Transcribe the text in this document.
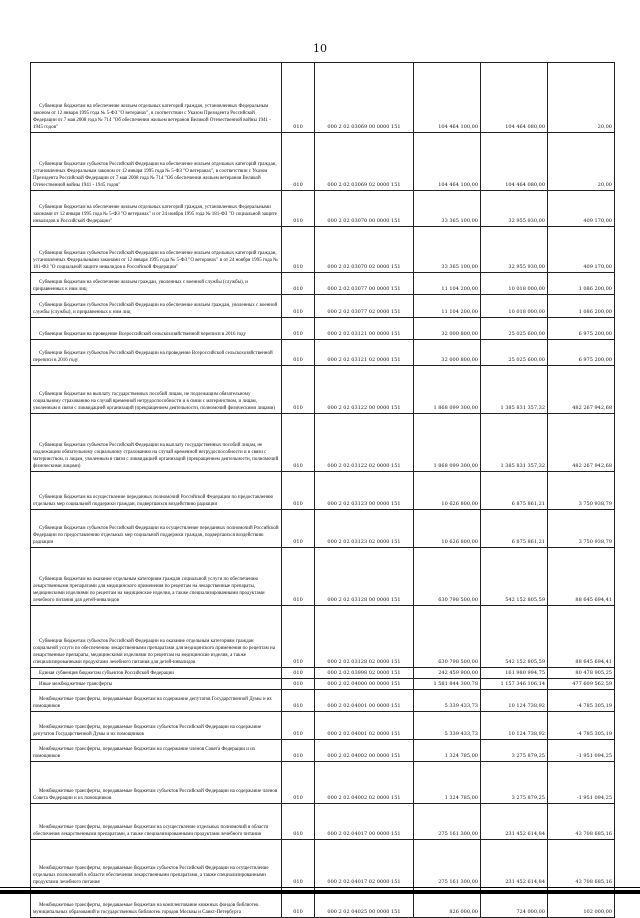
10
Субвенции бюджетам на обеспечение жильем отдельных категорий граждан, установленных Федеральным законом от 12 января 1995 года № 5-ФЗ "О ветеранах", в соответствии с Указом Президента Российской Федерации от 7 мая 2008 года № 714 "Об обеспечении жильем ветеранов Великой Отечественной войны 1941 - 1945 годов"	010	000 2 02 03069 00 0000 151	104 464 100,00	104 464 080,00	20,00
Субвенции бюджетам субъектов Российской Федерации на обеспечение жильем отдельных категорий граждан, установленных Федеральным законом от 12 января 1995 года № 5-ФЗ "О ветеранах", в соответствии с Указом Президента Российской Федерации от 7 мая 2008 года № 714 "Об обеспечении жильем ветеранов Великой Отечественной войны 1941 - 1945 годов"	010	000 2 02 03069 02 0000 151	104 464 100,00	104 464 080,00	20,00
Субвенции бюджетам на обеспечение жильем отдельных категорий граждан, установленных Федеральными законами от 12 января 1995 года № 5-ФЗ "О ветеранах" и от 24 ноября 1995 года № 181-ФЗ "О социальной защите инвалидов в Российской Федерации"	010	000 2 02 03070 00 0000 151	33 365 100,00	32 955 930,00	409 170,00
Субвенции бюджетам субъектов Российской Федерации на обеспечение жильем отдельных категорий граждан, установленных Федеральными законами от 12 января 1995 года № 5-ФЗ "О ветеранах" и от 24 ноября 1995 года № 181-ФЗ "О социальной защите инвалидов в Российской Федерации"	010	000 2 02 03070 02 0000 151	33 365 100,00	32 955 930,00	409 170,00
Субвенции бюджетам на обеспечение жильем граждан, уволенных с военной службы (службы), и приравненных к ним лиц	010	000 2 02 03077 00 0000 151	11 104 200,00	10 018 000,00	1 086 200,00
Субвенции бюджетам субъектов Российской Федерации на обеспечение жильем граждан, уволенных с военной службы (службы), и приравненных к ним лиц	010	000 2 02 03077 02 0000 151	11 104 200,00	10 018 000,00	1 086 200,00
Субвенции бюджетам на проведение Всероссийской сельскохозяйственной переписи в 2016 году	010	000 2 02 03121 00 0000 151	32 000 800,00	25 025 600,00	6 975 200,00
Субвенции бюджетам субъектов Российской Федерации на проведение Всероссийской сельскохозяйственной переписи в 2016 году	010	000 2 02 03121 02 0000 151	32 000 800,00	25 025 600,00	6 975 200,00
Субвенции бюджетам на выплату государственных пособий лицам, не подлежащим обязательному социальному страхованию на случай временной нетрудоспособности и в связи с материнством, и лицам, уволенным в связи с ликвидацией организаций (прекращением деятельности, полномочий физическими лицами)	010	000 2 02 03122 00 0000 151	1 868 099 300,00	1 385 831 357,32	482 267 942,68
Субвенции бюджетам субъектов Российской Федерации на выплату государственных пособий лицам, не подлежащим обязательному социальному страхованию на случай временной нетрудоспособности и в связи с материнством, и лицам, уволенным в связи с ликвидацией организаций (прекращением деятельности, полномочий физическими лицами)	010	000 2 02 03122 02 0000 151	1 868 099 300,00	1 385 831 357,32	482 267 942,68
Субвенции бюджетам на осуществление переданных полномочий Российской Федерации по предоставлению отдельных мер социальной поддержки граждан, подвергшихся воздействию радиации	010	000 2 02 03123 00 0000 151	10 626 800,00	6 875 861,21	3 750 938,79
Субвенции бюджетам субъектов Российской Федерации на осуществление переданных полномочий Российской Федерации по предоставлению отдельных мер социальной поддержки граждан, подвергшихся воздействию радиации	010	000 2 02 03123 02 0000 151	10 626 800,00	6 875 861,21	3 750 938,79
Субвенции бюджетам на оказание отдельным категориям граждан социальной услуги по обеспечению лекарственными препаратами для медицинского применения по рецептам на лекарственные препараты, медицинскими изделиями по рецептам на медицинские изделия, а также специализированными продуктами лечебного питания для детей-инвалидов	010	000 2 02 03128 00 0000 151	630 798 500,00	542 152 805,59	88 645 694,41
Субвенции бюджетам субъектов Российской Федерации на оказание отдельным категориям граждан социальной услуги по обеспечению лекарственными препаратами для медицинского применения по рецептам на лекарственные препараты, медицинскими изделиями по рецептам на медицинские изделия, а также специализированными продуктами лечебного питания для детей-инвалидов	010	000 2 02 03128 02 0000 151	630 798 500,00	542 152 805,59	88 645 694,41
Единая субвенция бюджетам субъектов Российской Федерации	010	000 2 02 03998 02 0000 151	242 459 900,00	161 980 994,75	80 478 905,25
Иные межбюджетные трансферты	010	000 2 02 04000 00 0000 151	1 581 844 300,78	1 157 346 106,14	477 609 562,59
Межбюджетные трансферты, передаваемые бюджетам на содержание депутатов Государственной Думы и их помощников	010	000 2 02 04001 00 0000 151	5 339 433,73	10 124 738,92	-4 785 305,19
Межбюджетные трансферты, передаваемые бюджетам субъектов Российской Федерации на содержание депутатов Государственной Думы и их помощников	010	000 2 02 04001 02 0000 151	5 339 433,73	10 124 738,92	-4 785 305,19
Межбюджетные трансферты, передаваемые бюджетам на содержание членов Совета Федерации и их помощников	010	000 2 02 04002 00 0000 151	1 324 785,00	3 275 879,25	-1 951 094,25
Межбюджетные трансферты, передаваемые бюджетам субъектов Российской Федерации на содержание членов Совета Федерации и их помощников	010	000 2 02 04002 02 0000 151	1 324 785,00	3 275 879,25	-1 951 094,25
Межбюджетные трансферты, передаваемые бюджетам на осуществление отдельных полномочий в области обеспечения лекарственными препаратами, а также специализированными продуктами лечебного питания	010	000 2 02 04017 00 0000 151	275 161 300,00	231 452 614,84	43 708 685,16
Межбюджетные трансферты, передаваемые бюджетам субъектов Российской Федерации на осуществление отдельных полномочий в области обеспечения лекарственными препаратами, а также специализированными продуктами лечебного питания	010	000 2 02 04017 02 0000 151	275 161 300,00	231 452 614,84	43 708 685,16
Межбюджетные трансферты, передаваемые бюджетам на комплектование книжных фондов библиотек муниципальных образований и государственных библиотек городов Москвы и Санкт-Петербурга	010	000 2 02 04025 00 0000 151	826 000,00	724 000,00	102 000,00
